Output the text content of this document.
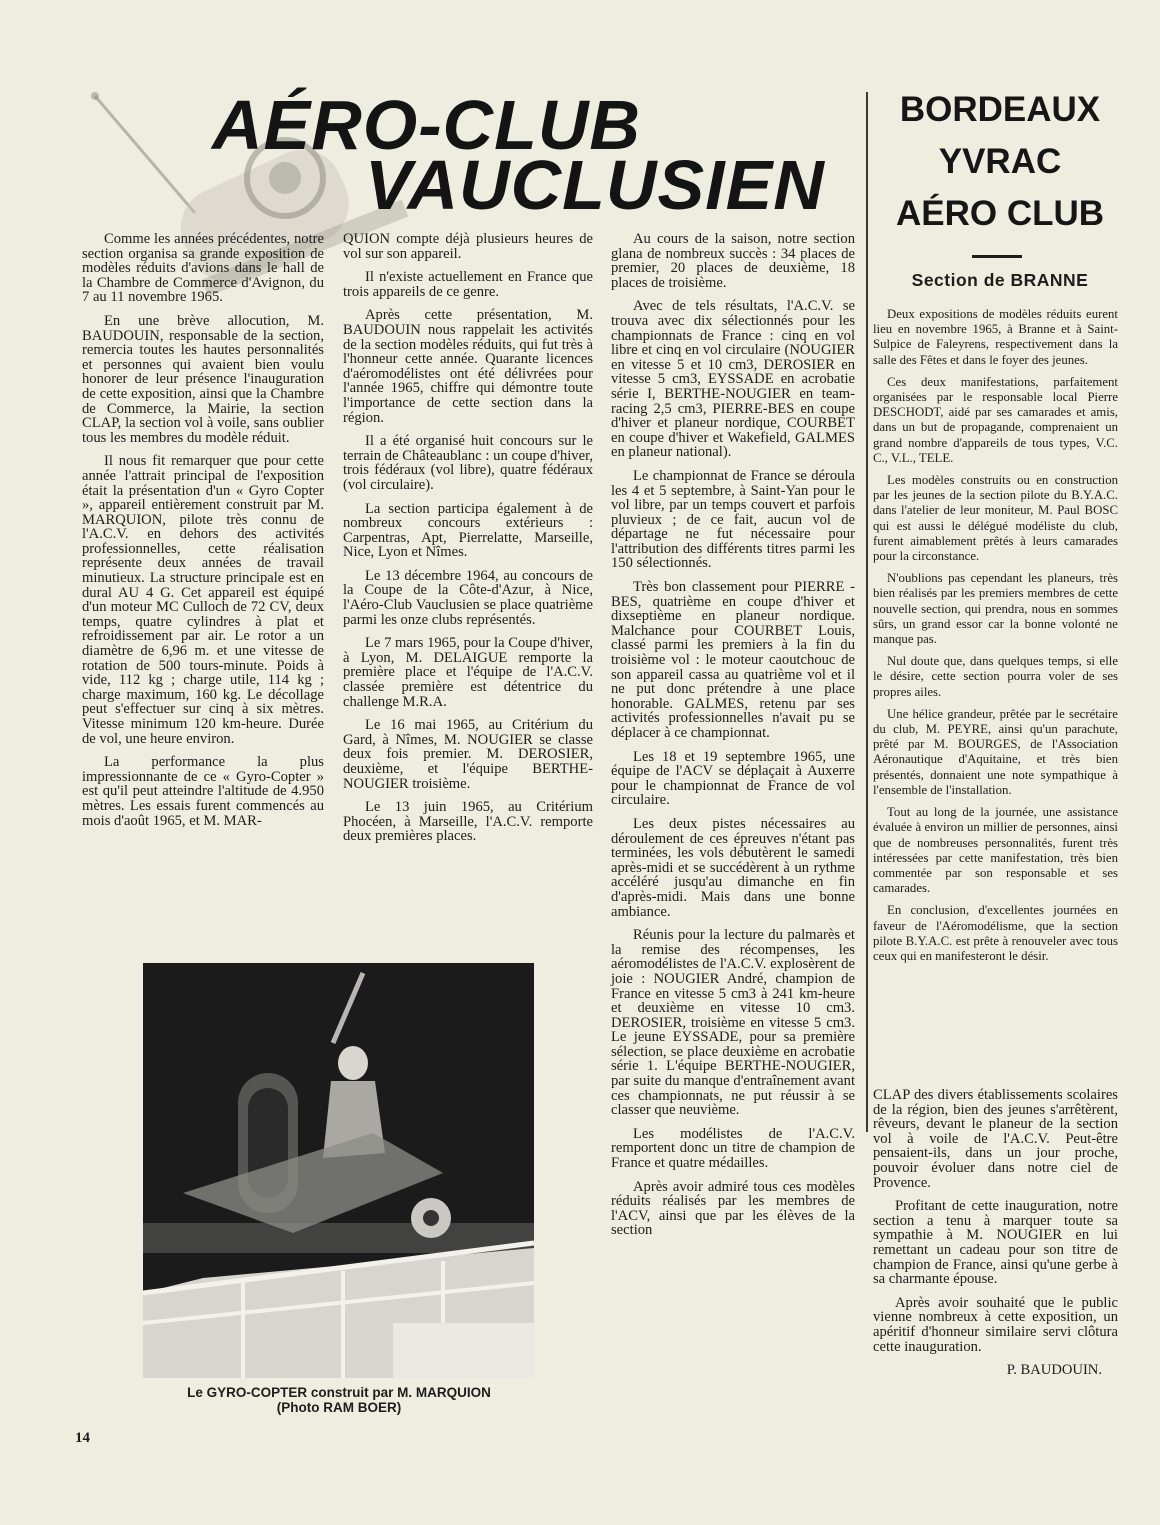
AÉRO-CLUB
VAUCLUSIEN

Comme les années précédentes, notre section organisa sa grande exposition de modèles réduits d'avions dans le hall de la Chambre de Commerce d'Avignon, du 7 au 11 novembre 1965.

En une brève allocution, M. BAUDOUIN, responsable de la section, remercia toutes les hautes personnalités et personnes qui avaient bien voulu honorer de leur présence l'inauguration de cette exposition, ainsi que la Chambre de Commerce, la Mairie, la section CLAP, la section vol à voile, sans oublier tous les membres du modèle réduit.

Il nous fit remarquer que pour cette année l'attrait principal de l'exposition était la présentation d'un « Gyro Copter », appareil entièrement construit par M. MARQUION, pilote très connu de l'A.C.V. en dehors des activités professionnelles, cette réalisation représente deux années de travail minutieux. La structure principale est en dural AU 4 G. Cet appareil est équipé d'un moteur MC Culloch de 72 CV, deux temps, quatre cylindres à plat et refroidissement par air. Le rotor a un diamètre de 6,96 m. et une vitesse de rotation de 500 tours-minute. Poids à vide, 112 kg ; charge utile, 114 kg ; charge maximum, 160 kg. Le décollage peut s'effectuer sur cinq à six mètres. Vitesse minimum 120 km-heure. Durée de vol, une heure environ.

La performance la plus impressionnante de ce « Gyro-Copter » est qu'il peut atteindre l'altitude de 4.950 mètres. Les essais furent commencés au mois d'août 1965, et M. MAR-

QUION compte déjà plusieurs heures de vol sur son appareil.

Il n'existe actuellement en France que trois appareils de ce genre.

Après cette présentation, M. BAUDOUIN nous rappelait les activités de la section modèles réduits, qui fut très à l'honneur cette année. Quarante licences d'aéromodélistes ont été délivrées pour l'année 1965, chiffre qui démontre toute l'importance de cette section dans la région.

Il a été organisé huit concours sur le terrain de Châteaublanc : un coupe d'hiver, trois fédéraux (vol libre), quatre fédéraux (vol circulaire).

La section participa également à de nombreux concours extérieurs : Carpentras, Apt, Pierrelatte, Marseille, Nice, Lyon et Nîmes.

Le 13 décembre 1964, au concours de la Coupe de la Côte-d'Azur, à Nice, l'Aéro-Club Vauclusien se place quatrième parmi les onze clubs représentés.

Le 7 mars 1965, pour la Coupe d'hiver, à Lyon, M. DELAIGUE remporte la première place et l'équipe de l'A.C.V. classée première est détentrice du challenge M.R.A.

Le 16 mai 1965, au Critérium du Gard, à Nîmes, M. NOUGIER se classe deux fois premier. M. DEROSIER, deuxième, et l'équipe BERTHE-NOUGIER troisième.

Le 13 juin 1965, au Critérium Phocéen, à Marseille, l'A.C.V. remporte deux premières places.

Au cours de la saison, notre section glana de nombreux succès : 34 places de premier, 20 places de deuxième, 18 places de troisième.

Avec de tels résultats, l'A.C.V. se trouva avec dix sélectionnés pour les championnats de France : cinq en vol libre et cinq en vol circulaire (NOUGIER en vitesse 5 et 10 cm3, DEROSIER en vitesse 5 cm3, EYSSADE en acrobatie série I, BERTHE-NOUGIER en team-racing 2,5 cm3, PIERRE-BES en coupe d'hiver et planeur nordique, COURBET en coupe d'hiver et Wakefield, GALMES en planeur national).

Le championnat de France se déroula les 4 et 5 septembre, à Saint-Yan pour le vol libre, par un temps couvert et parfois pluvieux ; de ce fait, aucun vol de départage ne fut nécessaire pour l'attribution des différents titres parmi les 150 sélectionnés.

Très bon classement pour PIERRE - BES, quatrième en coupe d'hiver et dixseptième en planeur nordique. Malchance pour COURBET Louis, classé parmi les premiers à la fin du troisième vol : le moteur caoutchouc de son appareil cassa au quatrième vol et il ne put donc prétendre à une place honorable. GALMES, retenu par ses activités professionnelles n'avait pu se déplacer à ce championnat.

Les 18 et 19 septembre 1965, une équipe de l'ACV se déplaçait à Auxerre pour le championnat de France de vol circulaire.

Les deux pistes nécessaires au déroulement de ces épreuves n'étant pas terminées, les vols débutèrent le samedi après-midi et se succédèrent à un rythme accéléré jusqu'au dimanche en fin d'après-midi. Mais dans une bonne ambiance.

Réunis pour la lecture du palmarès et la remise des récompenses, les aéromodélistes de l'A.C.V. explosèrent de joie : NOUGIER André, champion de France en vitesse 5 cm3 à 241 km-heure et deuxième en vitesse 10 cm3. DEROSIER, troisième en vitesse 5 cm3. Le jeune EYSSADE, pour sa première sélection, se place deuxième en acrobatie série 1. L'équipe BERTHE-NOUGIER, par suite du manque d'entraînement avant ces championnats, ne put réussir à se classer que neuvième.

Les modélistes de l'A.C.V. remportent donc un titre de champion de France et quatre médailles.

Après avoir admiré tous ces modèles réduits réalisés par les membres de l'ACV, ainsi que par les élèves de la section

BORDEAUX
YVRAC
AÉRO CLUB
Section de BRANNE

Deux expositions de modèles réduits eurent lieu en novembre 1965, à Branne et à Saint-Sulpice de Faleyrens, respectivement dans la salle des Fêtes et dans le foyer des jeunes.

Ces deux manifestations, parfaitement organisées par le responsable local Pierre DESCHODT, aidé par ses camarades et amis, dans un but de propagande, comprenaient un grand nombre d'appareils de tous types, V.C. C., V.L., TELE.

Les modèles construits ou en construction par les jeunes de la section pilote du B.Y.A.C. dans l'atelier de leur moniteur, M. Paul BOSC qui est aussi le délégué modéliste du club, furent aimablement prêtés à leurs camarades pour la circonstance.

N'oublions pas cependant les planeurs, très bien réalisés par les premiers membres de cette nouvelle section, qui prendra, nous en sommes sûrs, un grand essor car la bonne volonté ne manque pas.

Nul doute que, dans quelques temps, si elle le désire, cette section pourra voler de ses propres ailes.

Une hélice grandeur, prêtée par le secrétaire du club, M. PEYRE, ainsi qu'un parachute, prêté par M. BOURGES, de l'Association Aéronautique d'Aquitaine, et très bien présentés, donnaient une note sympathique à l'ensemble de l'installation.

Tout au long de la journée, une assistance évaluée à environ un millier de personnes, ainsi que de nombreuses personnalités, furent très intéressées par cette manifestation, très bien commentée par son responsable et ses camarades.

En conclusion, d'excellentes journées en faveur de l'Aéromodélisme, que la section pilote B.Y.A.C. est prête à renouveler avec tous ceux qui en manifesteront le désir.

CLAP des divers établissements scolaires de la région, bien des jeunes s'arrêtèrent, rêveurs, devant le planeur de la section vol à voile de l'A.C.V. Peut-être pensaient-ils, dans un jour proche, pouvoir évoluer dans notre ciel de Provence.

Profitant de cette inauguration, notre section a tenu à marquer toute sa sympathie à M. NOUGIER en lui remettant un cadeau pour son titre de champion de France, ainsi qu'une gerbe à sa charmante épouse.

Après avoir souhaité que le public vienne nombreux à cette exposition, un apéritif d'honneur similaire servi clôtura cette inauguration.

P. BAUDOUIN.

Le GYRO-COPTER construit par M. MARQUION
(Photo RAM BOER)
14
